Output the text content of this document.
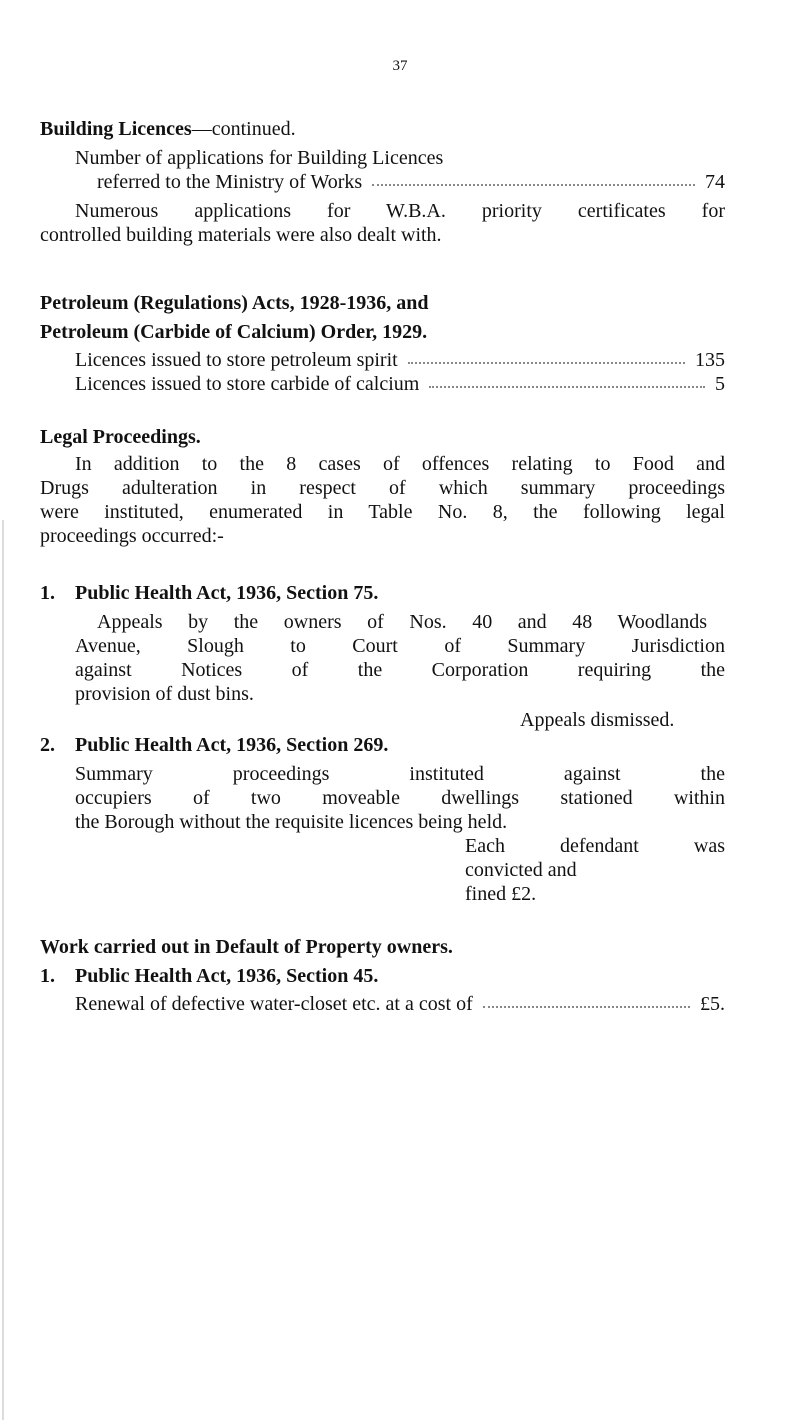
37
Building Licences—continued.
Number of applications for Building Licences
referred to the Ministry of Works	74
Numerous applications for W.B.A. priority certificates for
controlled building materials were also dealt with.
Petroleum (Regulations) Acts, 1928-1936, and
Petroleum (Carbide of Calcium) Order, 1929.
Licences issued to store petroleum spirit	135
Licences issued to store carbide of calcium	5
Legal Proceedings.
In addition to the 8 cases of offences relating to Food and
Drugs adulteration in respect of which summary proceedings
were instituted, enumerated in Table No. 8, the following legal
proceedings occurred:-
1. Public Health Act, 1936, Section 75.
Appeals by the owners of Nos. 40 and 48 Woodlands
Avenue, Slough to Court of Summary Jurisdiction
against Notices of the Corporation requiring the
provision of dust bins.
Appeals dismissed.
2. Public Health Act, 1936, Section 269.
Summary proceedings instituted against the
occupiers of two moveable dwellings stationed within
the Borough without the requisite licences being held.
Each defendant was
convicted and
fined £2.
Work carried out in Default of Property owners.
1. Public Health Act, 1936, Section 45.
Renewal of defective water-closet etc. at a cost of	£5.
